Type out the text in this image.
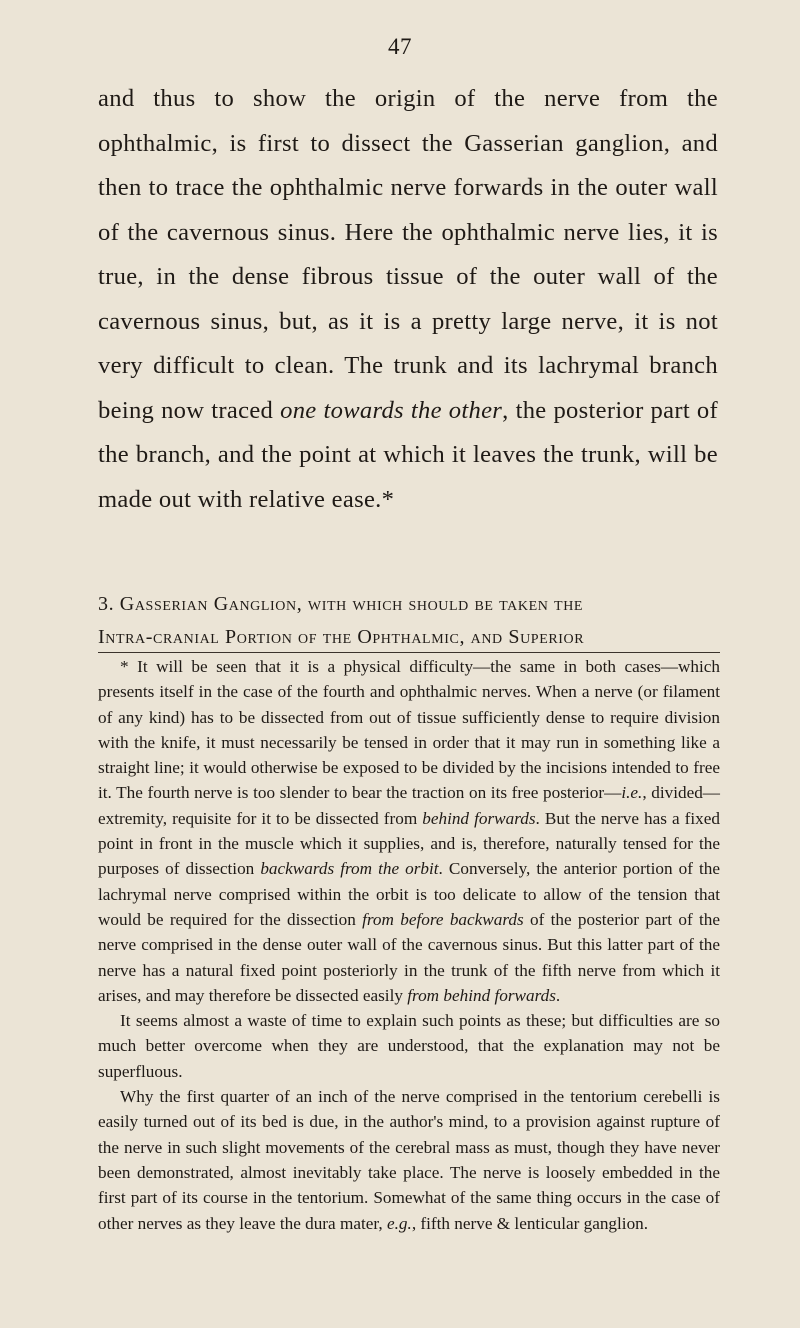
47

and thus to show the origin of the nerve from the ophthalmic, is first to dissect the Gasserian ganglion, and then to trace the ophthalmic nerve forwards in the outer wall of the cavernous sinus. Here the ophthalmic nerve lies, it is true, in the dense fibrous tissue of the outer wall of the cavernous sinus, but, as it is a pretty large nerve, it is not very difficult to clean. The trunk and its lachrymal branch being now traced one towards the other, the posterior part of the branch, and the point at which it leaves the trunk, will be made out with relative ease.*

3. Gasserian Ganglion, with which should be taken the

Intra-cranial Portion of the Ophthalmic, and Superior

* It will be seen that it is a physical difficulty—the same in both cases—which presents itself in the case of the fourth and ophthalmic nerves. When a nerve (or filament of any kind) has to be dissected from out of tissue sufficiently dense to require division with the knife, it must necessarily be tensed in order that it may run in something like a straight line; it would otherwise be exposed to be divided by the incisions intended to free it. The fourth nerve is too slender to bear the traction on its free posterior—i.e., divided—extremity, requisite for it to be dissected from behind forwards. But the nerve has a fixed point in front in the muscle which it supplies, and is, therefore, naturally tensed for the purposes of dissection backwards from the orbit. Conversely, the anterior portion of the lachrymal nerve comprised within the orbit is too delicate to allow of the tension that would be required for the dissection from before backwards of the posterior part of the nerve comprised in the dense outer wall of the cavernous sinus. But this latter part of the nerve has a natural fixed point posteriorly in the trunk of the fifth nerve from which it arises, and may therefore be dissected easily from behind forwards.

It seems almost a waste of time to explain such points as these; but difficulties are so much better overcome when they are understood, that the explanation may not be superfluous.

Why the first quarter of an inch of the nerve comprised in the tentorium cerebelli is easily turned out of its bed is due, in the author's mind, to a provision against rupture of the nerve in such slight movements of the cerebral mass as must, though they have never been demonstrated, almost inevitably take place. The nerve is loosely embedded in the first part of its course in the tentorium. Somewhat of the same thing occurs in the case of other nerves as they leave the dura mater, e.g., fifth nerve & lenticular ganglion.
